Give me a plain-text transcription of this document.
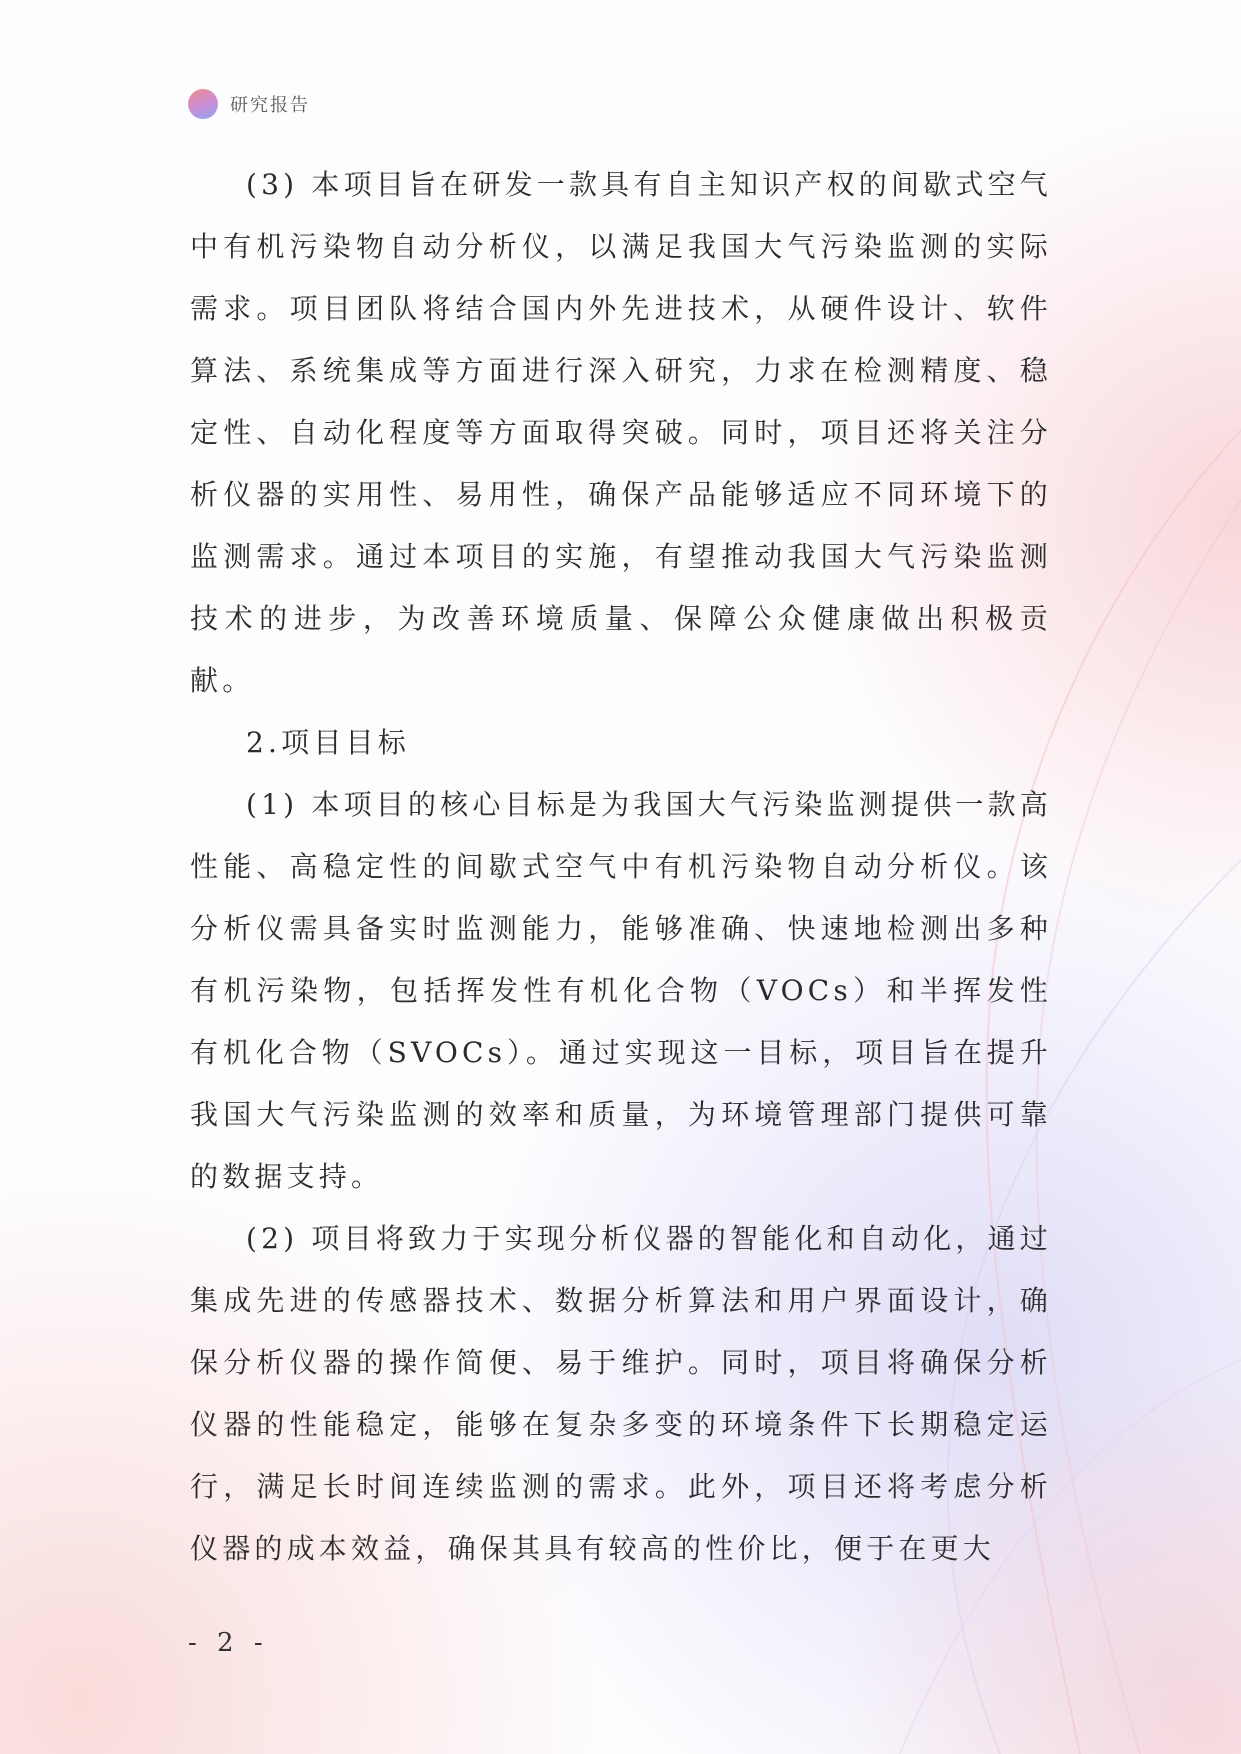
研究报告

(3) 本项目旨在研发一款具有自主知识产权的间歇式空气中有机污染物自动分析仪，以满足我国大气污染监测的实际需求。项目团队将结合国内外先进技术，从硬件设计、软件算法、系统集成等方面进行深入研究，力求在检测精度、稳定性、自动化程度等方面取得突破。同时，项目还将关注分析仪器的实用性、易用性，确保产品能够适应不同环境下的监测需求。通过本项目的实施，有望推动我国大气污染监测技术的进步，为改善环境质量、保障公众健康做出积极贡献。

2.项目目标

(1) 本项目的核心目标是为我国大气污染监测提供一款高性能、高稳定性的间歇式空气中有机污染物自动分析仪。该分析仪需具备实时监测能力，能够准确、快速地检测出多种有机污染物，包括挥发性有机化合物（VOCs）和半挥发性有机化合物（SVOCs）。通过实现这一目标，项目旨在提升我国大气污染监测的效率和质量，为环境管理部门提供可靠的数据支持。

(2) 项目将致力于实现分析仪器的智能化和自动化，通过集成先进的传感器技术、数据分析算法和用户界面设计，确保分析仪器的操作简便、易于维护。同时，项目将确保分析仪器的性能稳定，能够在复杂多变的环境条件下长期稳定运行，满足长时间连续监测的需求。此外，项目还将考虑分析仪器的成本效益，确保其具有较高的性价比，便于在更大

- 2 -
